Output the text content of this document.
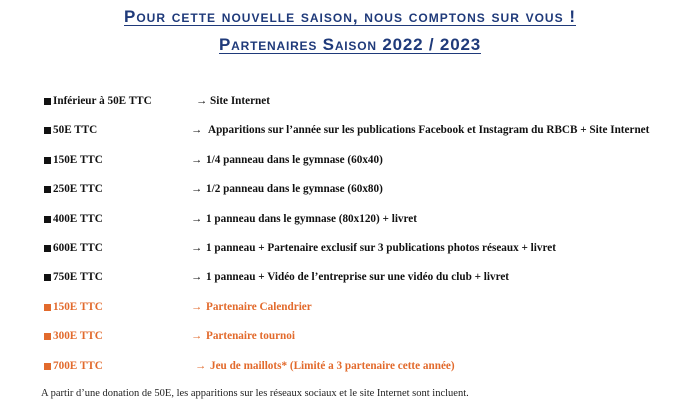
Pour cette nouvelle saison, nous comptons sur vous !
Partenaires Saison 2022 / 2023
Inférieur à 50E TTC	→ Site Internet
50E TTC	→ Apparitions sur l’année sur les publications Facebook et Instagram du RBCB + Site Internet
150E TTC	→ 1/4 panneau dans le gymnase (60x40)
250E TTC	→ 1/2 panneau dans le gymnase (60x80)
400E TTC	→ 1 panneau dans le gymnase (80x120) + livret
600E TTC	→ 1 panneau + Partenaire exclusif sur 3 publications photos réseaux + livret
750E TTC	→ 1 panneau + Vidéo de l’entreprise sur une vidéo du club + livret
150E TTC	→ Partenaire Calendrier
300E TTC	→ Partenaire tournoi
700E TTC	→ Jeu de maillots* (Limité a 3 partenaire cette année)
A partir d’une donation de 50E, les apparitions sur les réseaux sociaux et le site Internet sont incluent.
